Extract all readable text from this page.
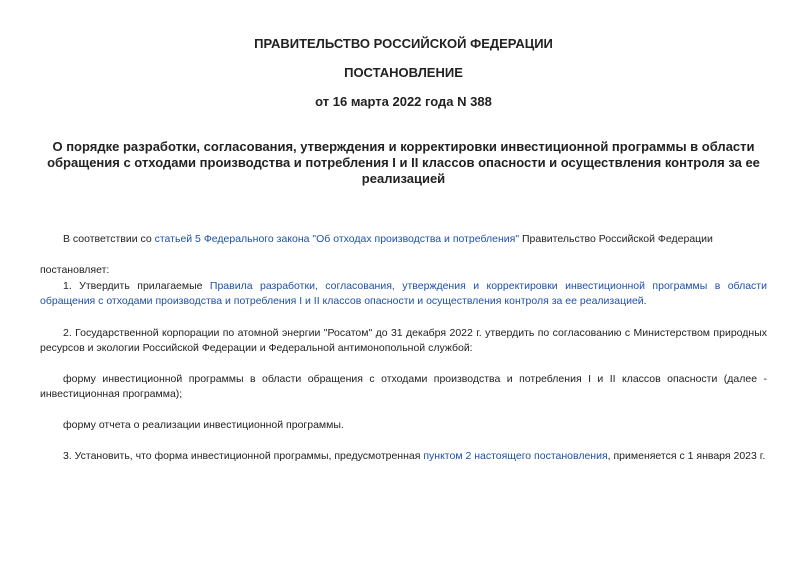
ПРАВИТЕЛЬСТВО РОССИЙСКОЙ ФЕДЕРАЦИИ

ПОСТАНОВЛЕНИЕ

от 16 марта 2022 года N 388

О порядке разработки, согласования, утверждения и корректировки инвестиционной программы в области обращения с отходами производства и потребления I и II классов опасности и осуществления контроля за ее реализацией

В соответствии со статьей 5 Федерального закона "Об отходах производства и потребления" Правительство Российской Федерации

постановляет:

1. Утвердить прилагаемые Правила разработки, согласования, утверждения и корректировки инвестиционной программы в области обращения с отходами производства и потребления I и II классов опасности и осуществления контроля за ее реализацией.

2. Государственной корпорации по атомной энергии "Росатом" до 31 декабря 2022 г. утвердить по согласованию с Министерством природных ресурсов и экологии Российской Федерации и Федеральной антимонопольной службой:

форму инвестиционной программы в области обращения с отходами производства и потребления I и II классов опасности (далее - инвестиционная программа);

форму отчета о реализации инвестиционной программы.

3. Установить, что форма инвестиционной программы, предусмотренная пунктом 2 настоящего постановления, применяется с 1 января 2023 г.
